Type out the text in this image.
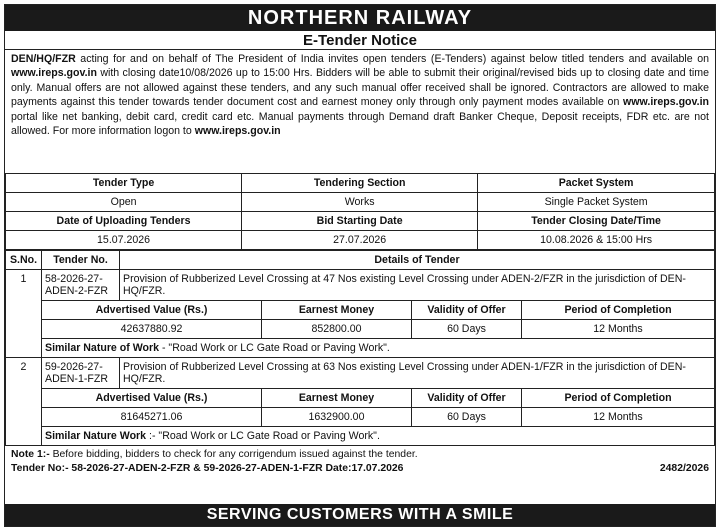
NORTHERN RAILWAY
E-Tender Notice
DEN/HQ/FZR acting for and on behalf of The President of India invites open tenders (E-Tenders) against below titled tenders and available on www.ireps.gov.in with closing date10/08/2026 up to 15:00 Hrs. Bidders will be able to submit their original/revised bids up to closing date and time only. Manual offers are not allowed against these tenders, and any such manual offer received shall be ignored. Contractors are allowed to make payments against this tender towards tender document cost and earnest money only through only payment modes available on www.ireps.gov.in portal like net banking, debit card, credit card etc. Manual payments through Demand draft Banker Cheque, Deposit receipts, FDR etc. are not allowed. For more information logon to www.ireps.gov.in
Tender Type	Tendering Section	Packet System
Open	Works	Single Packet System
Date of Uploading Tenders	Bid Starting Date	Tender Closing Date/Time
15.07.2026	27.07.2026	10.08.2026 & 15:00 Hrs
S.No.	Tender No.	Details of Tender			
1	58-2026-27-ADEN-2-FZR	Provision of Rubberized Level Crossing at 47 Nos existing Level Crossing under ADEN-2/FZR in the jurisdiction of DEN-HQ/FZR.			
	Advertised Value (Rs.)		Earnest Money	Validity of Offer	Period of Completion
	42637880.92		852800.00	60 Days	12 Months
	Similar Nature of Work - "Road Work or LC Gate Road or Paving Work".				
2	59-2026-27-ADEN-1-FZR	Provision of Rubberized Level Crossing at 63 Nos existing Level Crossing under ADEN-1/FZR in the jurisdiction of DEN-HQ/FZR.			
	Advertised Value (Rs.)		Earnest Money	Validity of Offer	Period of Completion
	81645271.06		1632900.00	60 Days	12 Months
	Similar Nature Work :- "Road Work or LC Gate Road or Paving Work".				
Note 1:- Before bidding, bidders to check for any corrigendum issued against the tender.
Tender No:- 58-2026-27-ADEN-2-FZR & 59-2026-27-ADEN-1-FZR Date:17.07.2026	2482/2026
SERVING CUSTOMERS WITH A SMILE
